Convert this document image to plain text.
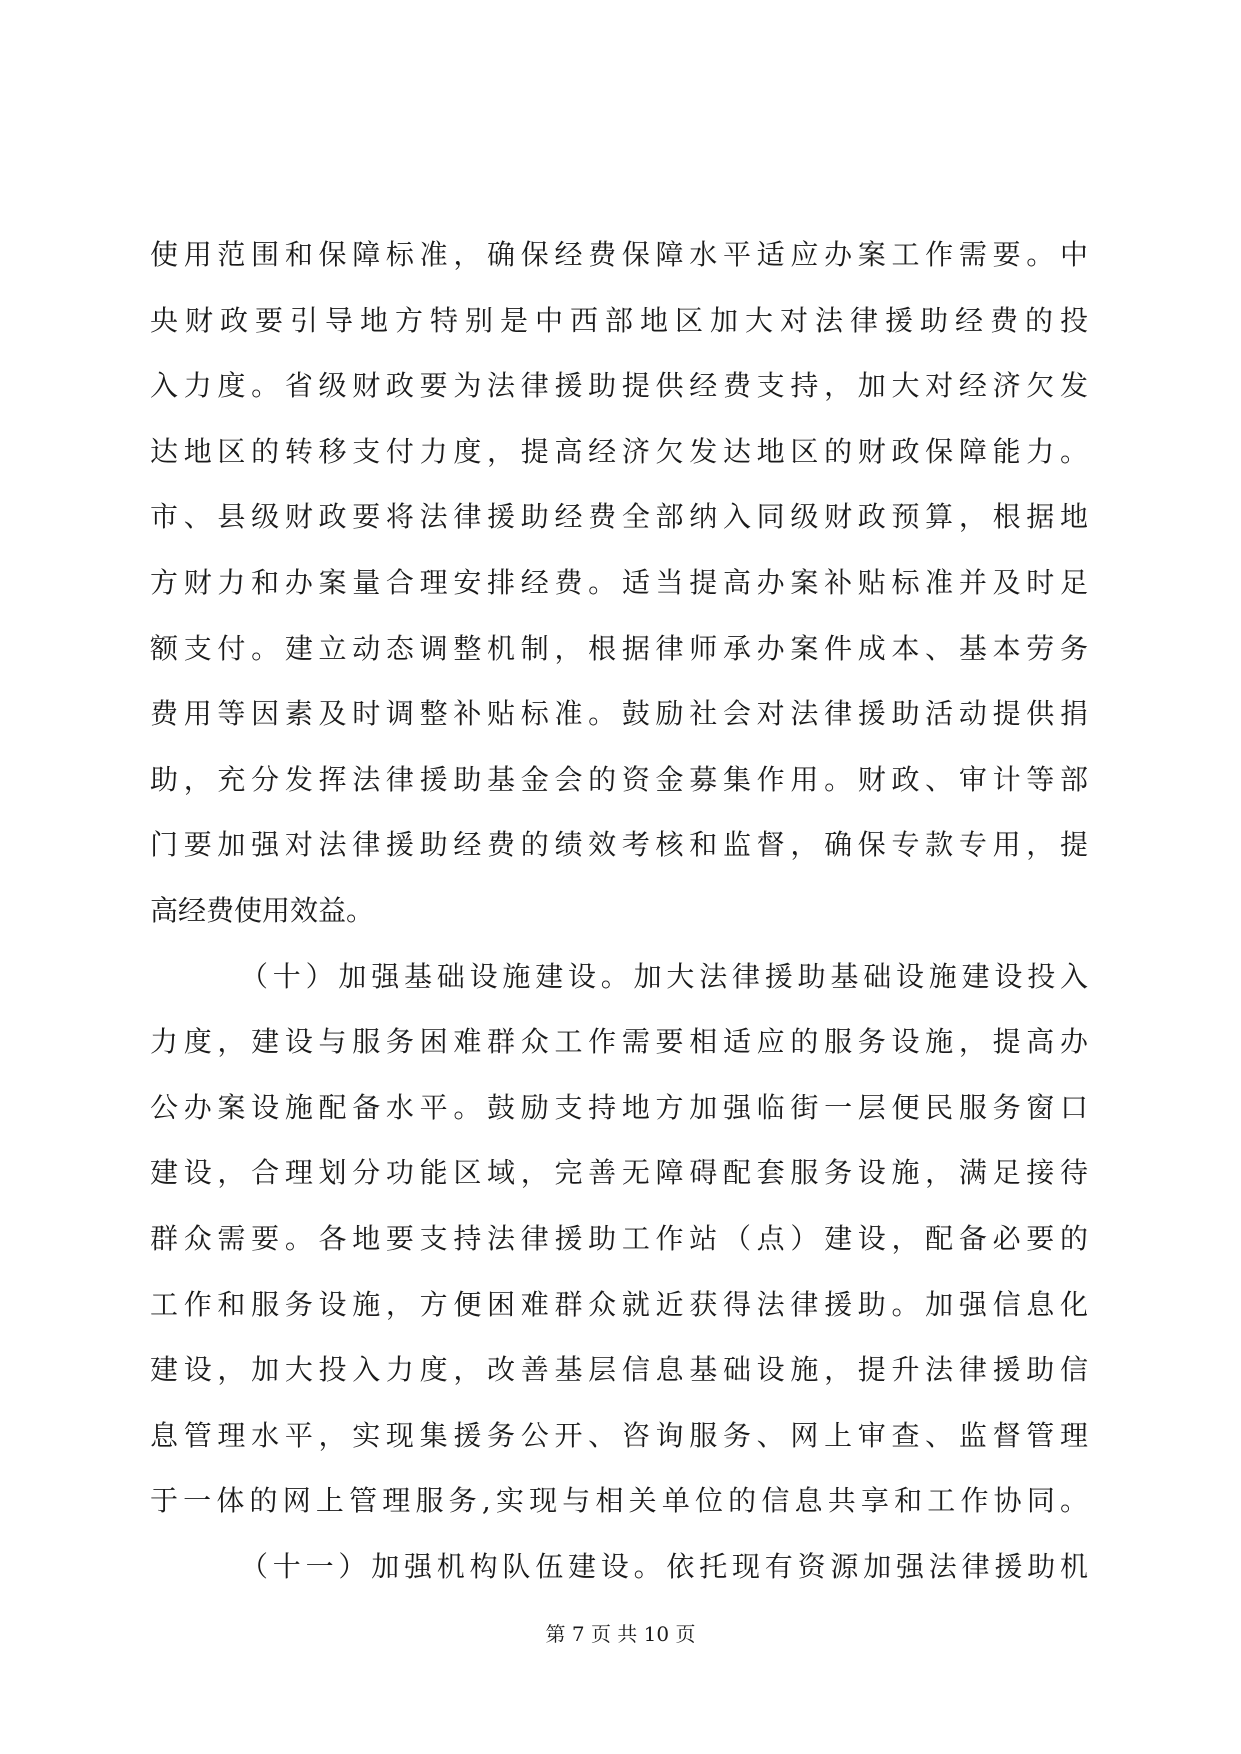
使用范围和保障标准，确保经费保障水平适应办案工作需要。中
央财政要引导地方特别是中西部地区加大对法律援助经费的投
入力度。省级财政要为法律援助提供经费支持，加大对经济欠发
达地区的转移支付力度，提高经济欠发达地区的财政保障能力。
市、县级财政要将法律援助经费全部纳入同级财政预算，根据地
方财力和办案量合理安排经费。适当提高办案补贴标准并及时足
额支付。建立动态调整机制，根据律师承办案件成本、基本劳务
费用等因素及时调整补贴标准。鼓励社会对法律援助活动提供捐
助，充分发挥法律援助基金会的资金募集作用。财政、审计等部
门要加强对法律援助经费的绩效考核和监督，确保专款专用，提
高经费使用效益。
（十）加强基础设施建设。加大法律援助基础设施建设投入
力度，建设与服务困难群众工作需要相适应的服务设施，提高办
公办案设施配备水平。鼓励支持地方加强临街一层便民服务窗口
建设，合理划分功能区域，完善无障碍配套服务设施，满足接待
群众需要。各地要支持法律援助工作站（点）建设，配备必要的
工作和服务设施，方便困难群众就近获得法律援助。加强信息化
建设，加大投入力度，改善基层信息基础设施，提升法律援助信
息管理水平，实现集援务公开、咨询服务、网上审查、监督管理
于一体的网上管理服务,实现与相关单位的信息共享和工作协同。
（十一）加强机构队伍建设。依托现有资源加强法律援助机
第 7 页 共 10 页
